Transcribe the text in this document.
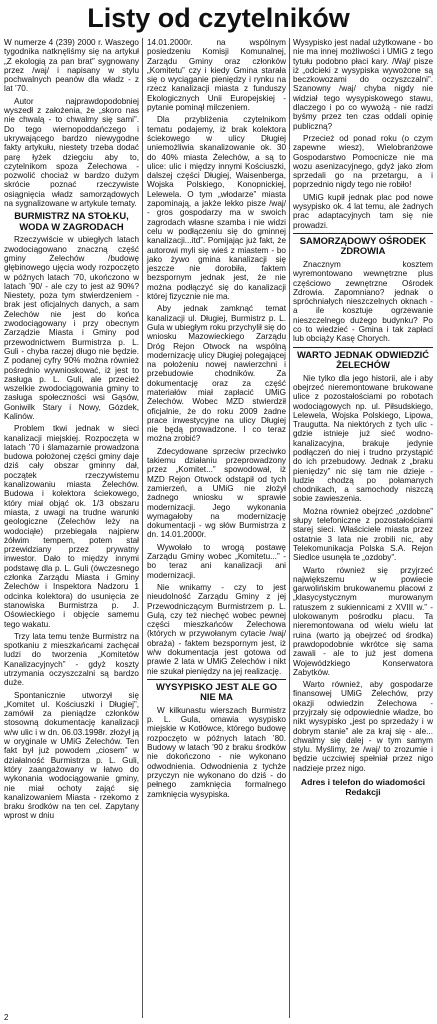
Listy od czytelników

W numerze 4 (239) 2000 r. Waszego tygodnika natknęliśmy się na artykuł „Z ekologią za pan brat” sygnowany przez /waj/ i napisany w stylu pochwalnych peanów dla władz - z lat ’70.

Autor najprawdopodobniej wyszedł z założenia, że „skoro nas nie chwalą - to chwalmy się sami”. Do tego wiernopoddańczego i ukrywającego bardzo niewygodne fakty artykułu, niestety trzeba dodać parę łyżek dziegciu aby to, czytelnikom spoza Żelechowa - pozwolić chociaż w bardzo dużym skrócie poznać rzeczywiste osiągnięcia władz samorządowych na sygnalizowane w artykule tematy.

BURMISTRZ NA STOŁKU, WODA W ZAGRODACH

Rzeczywiście w ubiegłych latach zwodociągowano znaczną część gminy Żelechów /budowę głębinowego ujęcia wody rozpoczęto w późnych latach ’70, ukończono w latach ’90/ - ale czy to jest aż 90%? Niestety, poza tym stwierdzeniem - brak jest oficjalnych danych, a sam Żelechów nie jest do końca zwodociągowany i przy obecnym Zarządzie Miasta i Gminy pod przewodnictwem Burmistrza p. L. Guli - chyba raczej długo nie będzie. Z podanej cyfry 90% można również pośrednio wywnioskować, iż jest to zasługa p. L. Guli, ale przecież wszelkie zwodociągowania gminy to zasługa społeczności wsi Gąsów, Goniwilk Stary i Nowy, Gózdek, Kalinów.

Problem tkwi jednak w sieci kanalizacji miejskiej. Rozpoczęta w latach ’70 i ślamazarnie prowadzona budowa położonej części gminy daje dziś cały obszar gminny dał, początek rzeczywistemu kanalizowaniu miasta Żelechów. Budowa i kolektora ściekowego, który miał objąć ok. 1/3 obszaru miasta, z uwagi na trudne warunki geologiczne (Żelechów leży na wodociąłe) przebiegała najpierw żółwim tempem, potem stał przewidziany przez prywatny inwestor. Dało to między innymi podstawę dla p. L. Guli (ówczesnego członka Zarządu Miasta i Gminy Żelechów i Inspektora Nadzoru 1 odcinka kolektora) do usunięcia ze stanowiska Burmistrza p. J. Ośowieckiego i objęcie samemu tego wakatu.

Trzy lata temu tenże Burmistrz na spotkaniu z mieszkańcami zachęcał ludzi do tworzenia „Komitetów Kanalizacyjnych” - gdyż koszty utrzymania oczyszczalni są bardzo duże.

Spontanicznie utworzył się „Komitet ul. Kościuszki i Długiej”, zamówił za pieniądze członków stosowną dokumentację kanalizacji w/w ulic i w dn. 06.03.1998r. złożył ją w oryginale w UMiG Żelechów. Ten fakt był już powodem „ciosem” w działalność Burmistrza p. L. Guli, który zaangażowany w łatwo do wykonania wodociągowanie gminy, nie miał ochoty zająć się kanalizowaniem Miasta - rzekomo z braku środków na ten cel. Zapytany wprost w dniu

14.01.2000r. na wspólnym posiedzeniu Komisji Komunalnej, Zarządu Gminy oraz członków „Komitetu” czy i kiedy Gmina starała się o wyciąganie pieniędzy i rynku na rzecz kanalizacji miasta z funduszy Ekologicznych Unii Europejskiej - pytanie pominął milczeniem.

Dla przybliżenia czytelnikom tematu podajemy, iż brak kolektora ściekowego w ulicy Długiej uniemożliwia skanalizowanie ok. 30 do 40% miasta Żelechów, a są to ulice: ulic i między innymi Kościuszki, dalszej części Długiej, Waisenberga, Wojska Polskiego, Konopnickiej, Lelewela. O tym „włodarze” miasta zapominają, a jakże lekko pisze /waj/ - gros gospodarzy ma w swoich zagrodach własne szamba i nie widzi celu w podłączeniu się do gminnej kanalizacji...itd”. Pomijając już fakt, że autorowi myli się wieś z miastem - bo jako żywo gmina kanalizacji się jeszcze nie dorobiła, faktem bezspornym jednak jest, że nie można podłączyć się do kanalizacji której fizycznie nie ma.

Aby jednak zamknąć temat kanalizacji ul. Długiej, Burmistrz p. L. Gula w ubiegłym roku przychylił się do wniosku Mazowieckiego Zarządu Dróg Rejon Otwock na wspólną modernizację ulicy Długiej polegającej na położeniu nowej nawierzchni i przebudowie chodników. Za dokumentację oraz za część materiałów miał zapłacić UMiG Żelechów. Wobec MZD stwierdził oficjalnie, że do roku 2009 żadne prace inwestycyjne na ulicy Długiej nie będą prowadzone. I co teraz można zrobić?

Zdecydowane sprzeciw przeciwko takiemu działaniu przeprowadzony przez „Komitet...” spowodował, iż MZD Rejon Otwock odstąpił od tych zamierzeń, a UMiG nie złożył żadnego wniosku w sprawie modernizacji. Jego wykonania wymagałoby na modernizację dokumentacji - wg słów Burmistrza z dn. 14.01.2000r.

Wywołało to wrogą postawę Zarządu Gminy wobec „Komitetu...” - bo teraz ani kanalizacji ani modernizacji.

Nie wnikamy - czy to jest nieudolność Zarządu Gminy z jej Przewodniczącym Burmistrzem p. L. Gulą, czy też niechęć wobec pewnej części mieszkańców Żelechowa (których w przywołanym cytacie /waj/ obraża) - faktem bezspornym jest, iż w/w dokumentacja jest gotowa od prawie 2 lata w UMiG Żelechów i nikt nie szukał pieniędzy na jej realizację.

WYSYPISKO JEST ALE GO NIE MA

W kilkunastu wierszach Burmistrz p. L. Gula, omawia wysypisko miejskie w Kotłówce, którego budowę rozpoczęto w późnych latach ’80. Budowy w latach ’90 z braku środków nie dokończono - nie wykonano odwodnienia. Odwodnienia z tychże przyczyn nie wykonano do dziś - do pełnego zamknięcia formalnego zamknięcia wysypiska.

Wysypisko jest nadal użytkowane - bo nie ma innej możliwości i UMiG z tego tytułu podobno płaci kary. /Waj/ pisze iż „odcieki z wysypiska wywożone są beczkowozami do oczyszczalni”. Szanowny /waj/ chyba nigdy nie widział tego wysypiskowego stawu, dlaczego i po co wywożą - nie radzi byśmy przez ten czas oddali opinię publiczną?

Przecież od ponad roku (o czym zapewne wiesz), Wielobranżowe Gospodarstwo Pomocnicze nie ma wozu asenizacyjnego, gdyż jako złom sprzedali go na przetargu, a i poprzednio nigdy tego nie robiło!

UMiG kupił jednak plac pod nowe wysypisko ok. 4 lat temu, ale żadnych prac adaptacyjnych tam się nie prowadzi.

SAMORZĄDOWY OŚRODEK ZDROWIA

Znacznym kosztem wyremontowano wewnętrzne plus częściowo zewnętrzne Ośrodek Zdrowia. Zapomniano? jednak o spróchniałych nieszczelnych oknach - a ile kosztuje ogrzewanie nieszczelnego dużego budynku? Po co to wiedzieć - Gmina i tak zapłaci lub obciąży Kasę Chorych.

WARTO JEDNAK ODWIEDZIĆ ŻELECHÓW

Nie tylko dla jego historii, ale i aby obejrzeć nieremontowane brukowane ulice z pozostałościami po robotach wodociągowych np. ul. Piłsudskiego, Lelewela, Wojska Polskiego, Lipowa, Traugutta. Na niektórych z tych ulic - gdzie istnieje już sieć wodno-kanalizacyjna, brakuje jedynie podłączeń do niej i trudno przystąpić do ich przebudowy. Jednak z „braku pieniędzy” nic się tam nie dzieje - ludzie chodzą po połamanych chodnikach, a samochody niszczą sobie zawieszenia.

Można również obejrzeć „ozdobne” słupy telefoniczne z pozostałościami starej sieci. Właściciele miasta przez ostatnie 3 lata nie zrobili nic, aby Telekomunikacja Polska S.A. Rejon Siedlce usunęła te „ozdoby”.

Warto również się przyjrzeć największemu w powiecie garwolińskim brukowanemu placowi z „klasycystycznym murowanym ratuszem z sukiennicami z XVIII w.” - ulokowanym pośrodku placu. Ta nieremontowana od wielu wielu lat ruina (warto ją obejrzeć od środka) prawdopodobnie wkrótce się sama zawali - ale to już jest domena Wojewódzkiego Konserwatora Zabytków.

Warto również, aby gospodarze finansowej UMiG Żelechów, przy okazji odwiedzin Żelechowa - przyjrzały się odpowiednie władze, bo nikt wysypisko „jest po sprzedaży i w dobrym stanie” ale za kraj się - ale... chwalmy się dalej - w tym samym stylu. Myślimy, że /waj/ to zrozumie i będzie uczciwiej spełniał przez nigo nadzieje przez nigo.

Adres i telefon do wiadomości Redakcji
2
